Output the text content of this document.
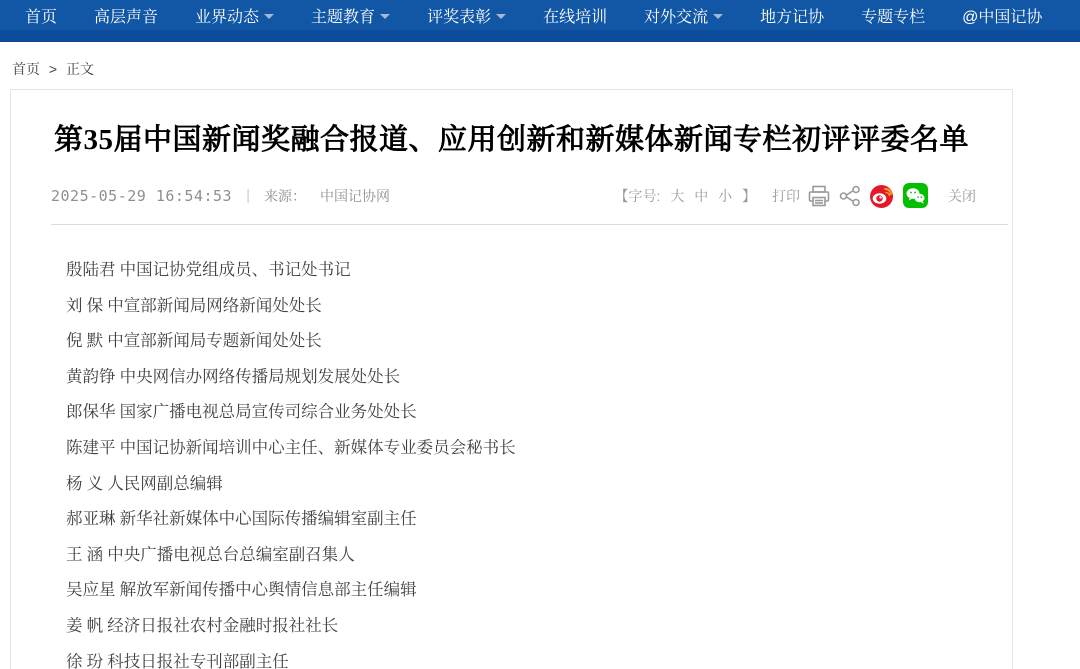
首页 高层声音 业界动态	主题教育	评奖表彰	在线培训 对外交流	地方记协 专题专栏 @中国记协
首页 > 正文
第35届中国新闻奖融合报道、应用创新和新媒体新闻专栏初评评委名单
2025-05-29 16:54:53 | 来源： 中国记协网	【字号: 大 中 小 】	打印	关闭
殷陆君 中国记协党组成员、书记处书记
刘 保 中宣部新闻局网络新闻处处长
倪 默 中宣部新闻局专题新闻处处长
黄韵铮 中央网信办网络传播局规划发展处处长
郎保华 国家广播电视总局宣传司综合业务处处长
陈建平 中国记协新闻培训中心主任、新媒体专业委员会秘书长
杨 义 人民网副总编辑
郝亚琳 新华社新媒体中心国际传播编辑室副主任
王 涵 中央广播电视总台总编室副召集人
吴应星 解放军新闻传播中心舆情信息部主任编辑
姜 帆 经济日报社农村金融时报社社长
徐 玢 科技日报社专刊部副主任
